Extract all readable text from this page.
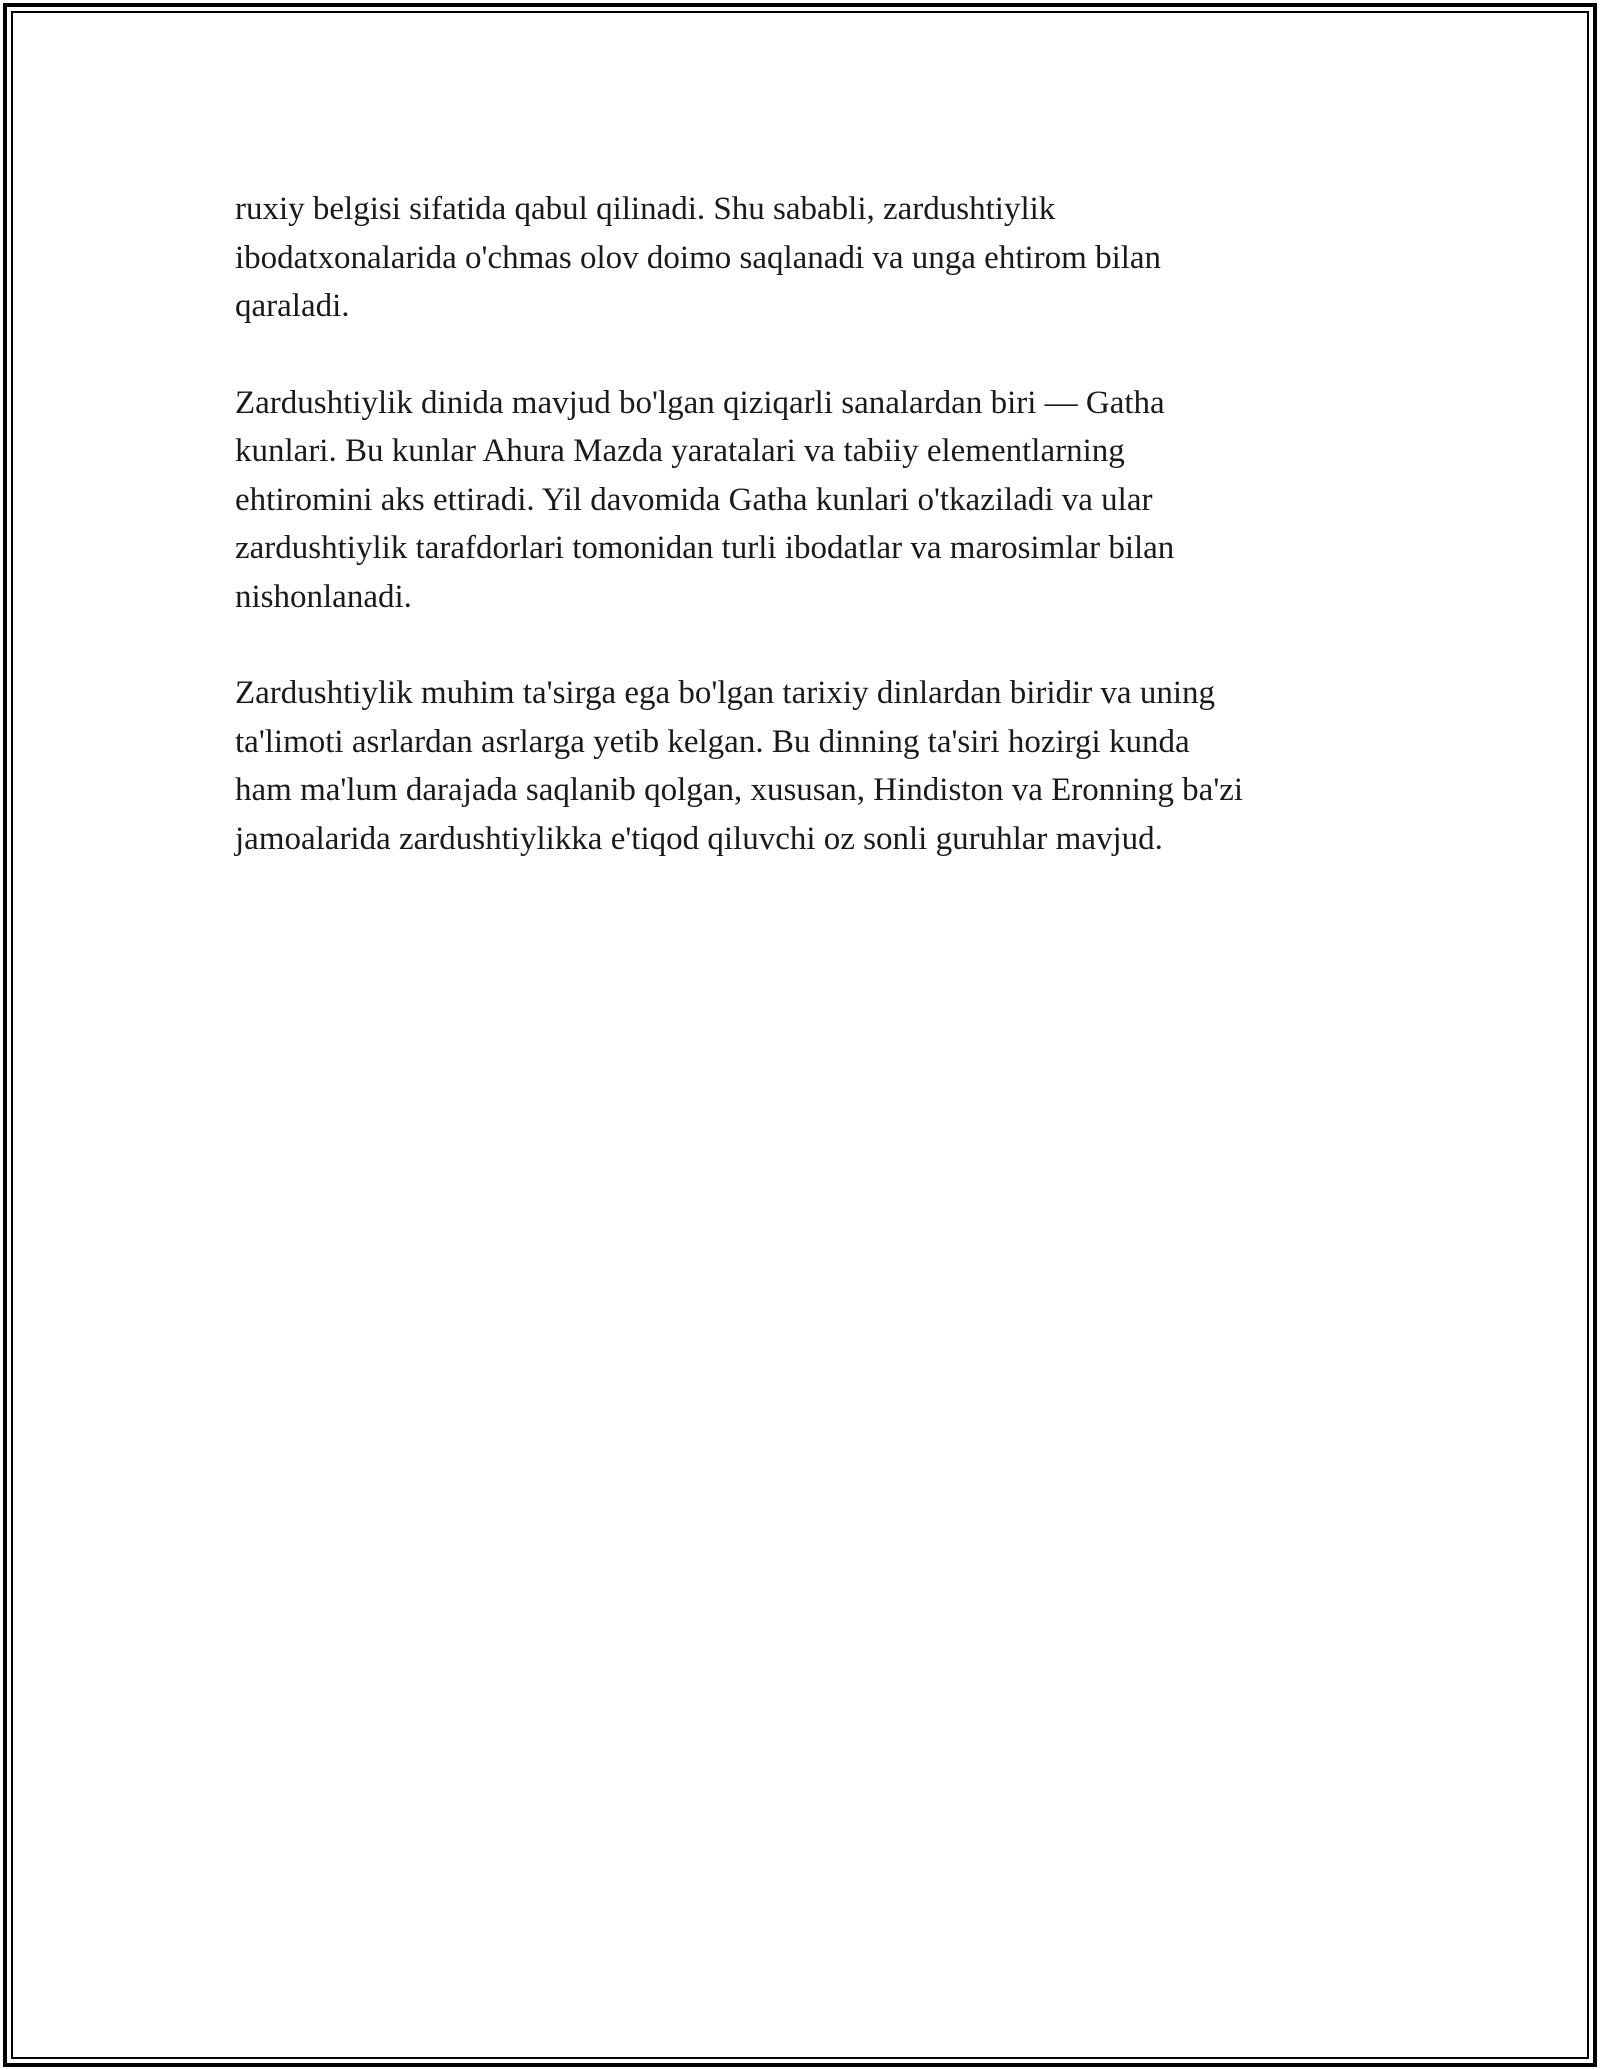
ruxiy belgisi sifatida qabul qilinadi. Shu sababli, zardushtiylik
ibodatxonalarida o'chmas olov doimo saqlanadi va unga ehtirom bilan
qaraladi.

Zardushtiylik dinida mavjud bo'lgan qiziqarli sanalardan biri — Gatha
kunlari. Bu kunlar Ahura Mazda yaratalari va tabiiy elementlarning
ehtiromini aks ettiradi. Yil davomida Gatha kunlari o'tkaziladi va ular
zardushtiylik tarafdorlari tomonidan turli ibodatlar va marosimlar bilan
nishonlanadi.

Zardushtiylik muhim ta'sirga ega bo'lgan tarixiy dinlardan biridir va uning
ta'limoti asrlardan asrlarga yetib kelgan. Bu dinning ta'siri hozirgi kunda
ham ma'lum darajada saqlanib qolgan, xususan, Hindiston va Eronning ba'zi
jamoalarida zardushtiylikka e'tiqod qiluvchi oz sonli guruhlar mavjud.
